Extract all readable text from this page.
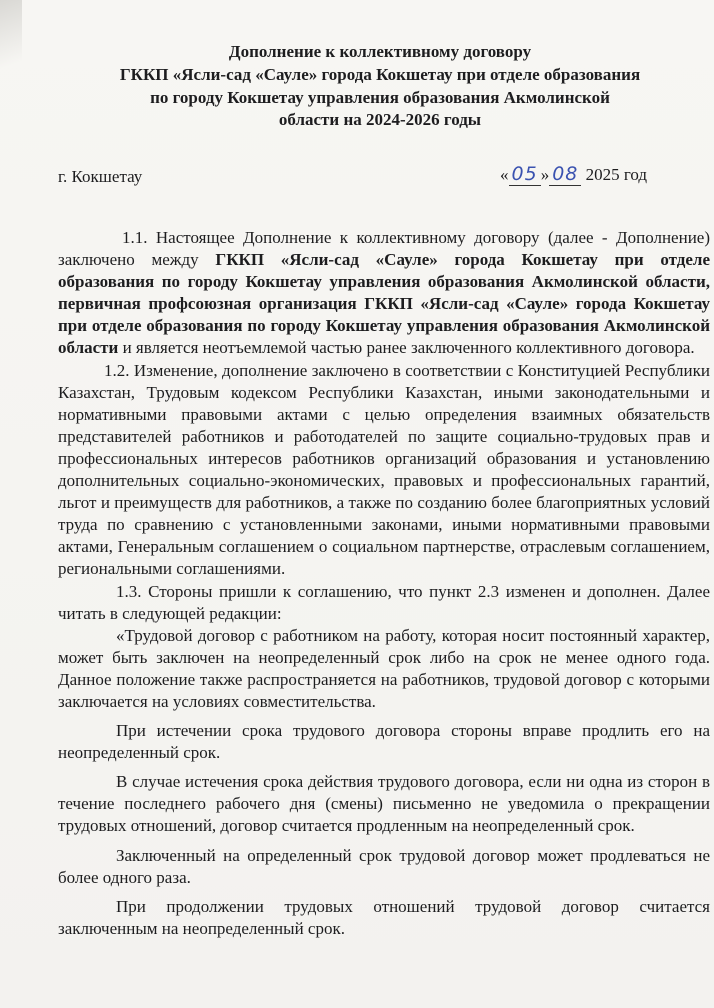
Дополнение к коллективному договору
ГККП «Ясли-сад «Сауле» города Кокшетау при отделе образования
по городу Кокшетау управления образования Акмолинской
области на 2024-2026 годы
г. Кокшетау	« 05 » 08 2025 год

1.1. Настоящее Дополнение к коллективному договору (далее - Дополнение) заключено между ГККП «Ясли-сад «Сауле» города Кокшетау при отделе образования по городу Кокшетау управления образования Акмолинской области, первичная профсоюзная организация ГККП «Ясли-сад «Сауле» города Кокшетау при отделе образования по городу Кокшетау управления образования Акмолинской области и является неотъемлемой частью ранее заключенного коллективного договора.

1.2. Изменение, дополнение заключено в соответствии с Конституцией Республики Казахстан, Трудовым кодексом Республики Казахстан, иными законодательными и нормативными правовыми актами с целью определения взаимных обязательств представителей работников и работодателей по защите социально-трудовых прав и профессиональных интересов работников организаций образования и установлению дополнительных социально-экономических, правовых и профессиональных гарантий, льгот и преимуществ для работников, а также по созданию более благоприятных условий труда по сравнению с установленными законами, иными нормативными правовыми актами, Генеральным соглашением о социальном партнерстве, отраслевым соглашением, региональными соглашениями.

1.3. Стороны пришли к соглашению, что пункт 2.3 изменен и дополнен. Далее читать в следующей редакции:

«Трудовой договор с работником на работу, которая носит постоянный характер, может быть заключен на неопределенный срок либо на срок не менее одного года. Данное положение также распространяется на работников, трудовой договор с которыми заключается на условиях совместительства.

При истечении срока трудового договора стороны вправе продлить его на неопределенный срок.

В случае истечения срока действия трудового договора, если ни одна из сторон в течение последнего рабочего дня (смены) письменно не уведомила о прекращении трудовых отношений, договор считается продленным на неопределенный срок.

Заключенный на определенный срок трудовой договор может продлеваться не более одного раза.

При продолжении трудовых отношений трудовой договор считается заключенным на неопределенный срок.
